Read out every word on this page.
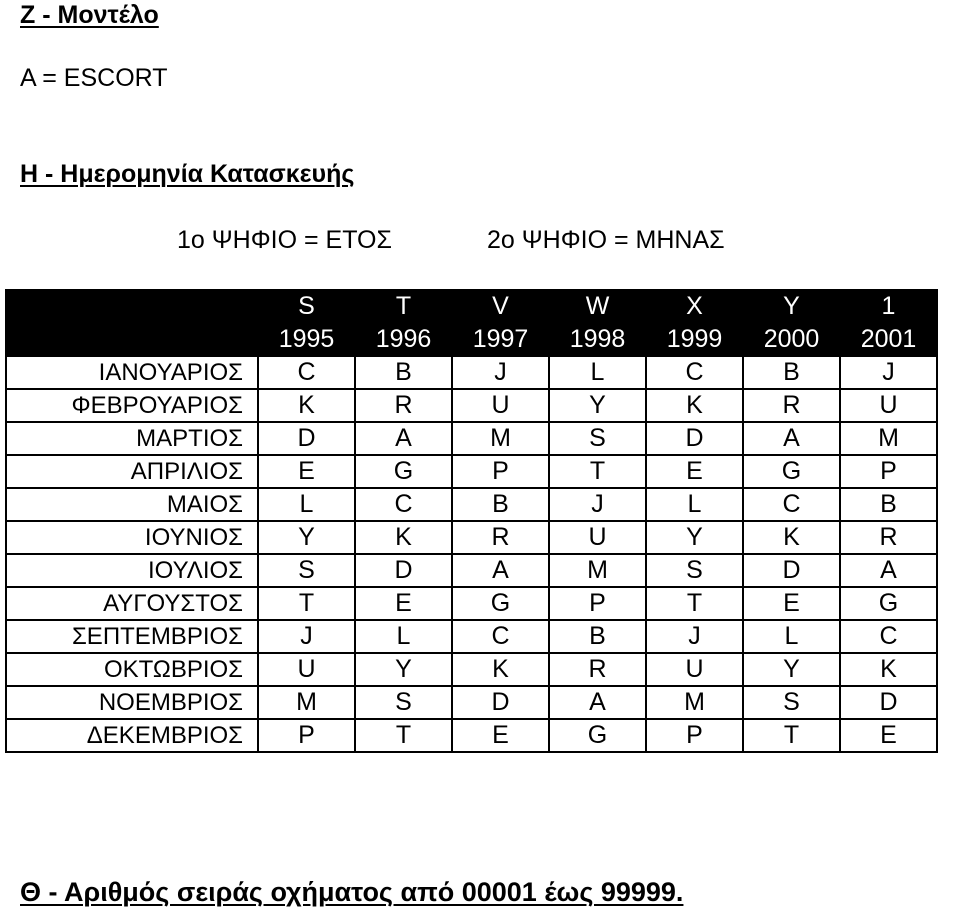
Ζ - Μοντέλο
A = ESCORT
Η - Ημερομηνία Κατασκευής
1ο ΨΗΦΙΟ = ΕΤΟΣ	2ο ΨΗΦΙΟ = ΜΗΝΑΣ
	S	T	V	W	X	Y	1
	1995	1996	1997	1998	1999	2000	2001
ΙΑΝΟΥΑΡΙΟΣ	C	B	J	L	C	B	J
ΦΕΒΡΟΥΑΡΙΟΣ	K	R	U	Y	K	R	U
ΜΑΡΤΙΟΣ	D	A	M	S	D	A	M
ΑΠΡΙΛΙΟΣ	E	G	P	T	E	G	P
ΜΑΙΟΣ	L	C	B	J	L	C	B
ΙΟΥΝΙΟΣ	Y	K	R	U	Y	K	R
ΙΟΥΛΙΟΣ	S	D	A	M	S	D	A
ΑΥΓΟΥΣΤΟΣ	T	E	G	P	T	E	G
ΣΕΠΤΕΜΒΡΙΟΣ	J	L	C	B	J	L	C
ΟΚΤΩΒΡΙΟΣ	U	Y	K	R	U	Y	K
ΝΟΕΜΒΡΙΟΣ	M	S	D	A	M	S	D
ΔΕΚΕΜΒΡΙΟΣ	P	T	E	G	P	T	E
Θ - Αριθμός σειράς οχήματος από 00001 έως 99999.
